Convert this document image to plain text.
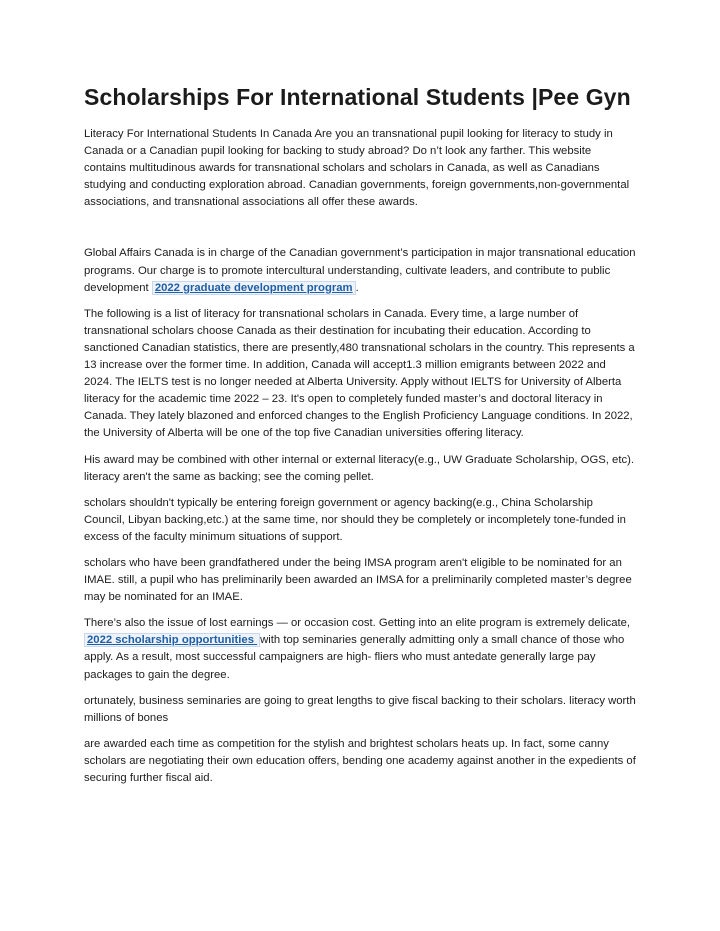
Scholarships For International Students |Pee Gyn

Literacy For International Students In Canada Are you an transnational pupil looking for literacy to study in Canada or a Canadian pupil looking for backing to study abroad? Do n’t look any farther. This website contains multitudinous awards for transnational scholars and scholars in Canada, as well as Canadians studying and conducting exploration abroad. Canadian governments, foreign governments,non-governmental associations, and transnational associations all offer these awards.

Global Affairs Canada is in charge of the Canadian government’s participation in major transnational education programs. Our charge is to promote intercultural understanding, cultivate leaders, and contribute to public development 2022 graduate development program .

The following is a list of literacy for transnational scholars in Canada. Every time, a large number of transnational scholars choose Canada as their destination for incubating their education. According to sanctioned Canadian statistics, there are presently,480 transnational scholars in the country. This represents a 13 increase over the former time. In addition, Canada will accept1.3 million emigrants between 2022 and 2024. The IELTS test is no longer needed at Alberta University. Apply without IELTS for University of Alberta literacy for the academic time 2022 – 23. It's open to completely funded master’s and doctoral literacy in Canada. They lately blazoned and enforced changes to the English Proficiency Language conditions. In 2022, the University of Alberta will be one of the top five Canadian universities offering literacy.

His award may be combined with other internal or external literacy(e.g., UW Graduate Scholarship, OGS, etc). literacy aren't the same as backing; see the coming pellet.

scholars shouldn't typically be entering foreign government or agency backing(e.g., China Scholarship Council, Libyan backing,etc.) at the same time, nor should they be completely or incompletely tone-funded in excess of the faculty minimum situations of support.

scholars who have been grandfathered under the being IMSA program aren't eligible to be nominated for an IMAE. still, a pupil who has preliminarily been awarded an IMSA for a preliminarily completed master’s degree may be nominated for an IMAE.

There’s also the issue of lost earnings — or occasion cost. Getting into an elite program is extremely delicate, 2022 scholarship opportunities with top seminaries generally admitting only a small chance of those who apply. As a result, most successful campaigners are high- fliers who must antedate generally large pay packages to gain the degree.

ortunately, business seminaries are going to great lengths to give fiscal backing to their scholars. literacy worth millions of bones

are awarded each time as competition for the stylish and brightest scholars heats up. In fact, some canny scholars are negotiating their own education offers, bending one academy against another in the expedients of securing further fiscal aid.
